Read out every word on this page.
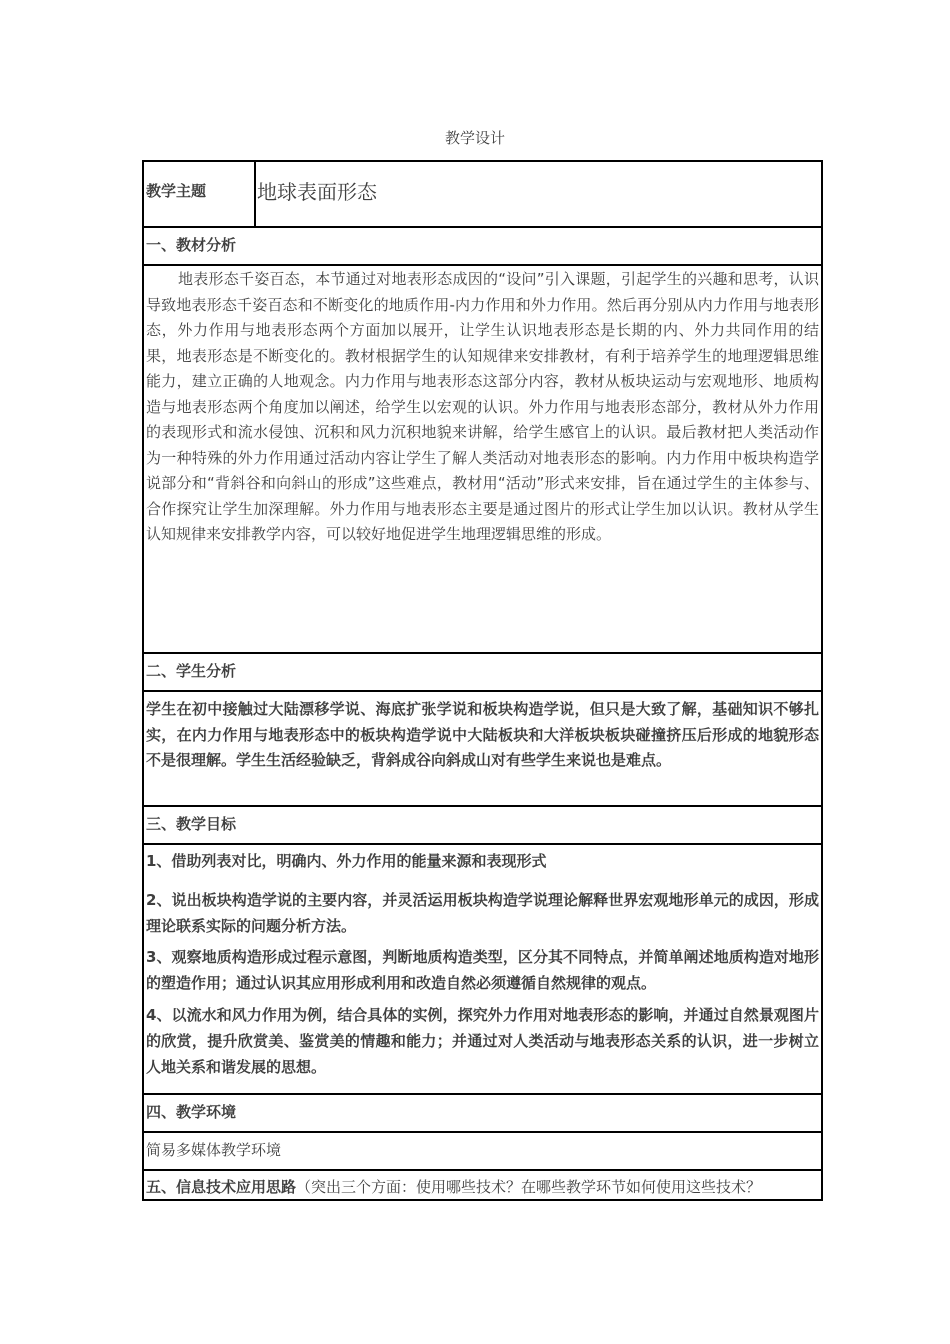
教学设计
教学主题	地球表面形态
一、教材分析
地表形态千姿百态，本节通过对地表形态成因的“设问”引入课题，引起学生的兴趣和思考，认识导致地表形态千姿百态和不断变化的地质作用-内力作用和外力作用。然后再分别从内力作用与地表形态，外力作用与地表形态两个方面加以展开，让学生认识地表形态是长期的内、外力共同作用的结果，地表形态是不断变化的。教材根据学生的认知规律来安排教材，有利于培养学生的地理逻辑思维能力，建立正确的人地观念。内力作用与地表形态这部分内容，教材从板块运动与宏观地形、地质构造与地表形态两个角度加以阐述，给学生以宏观的认识。外力作用与地表形态部分，教材从外力作用的表现形式和流水侵蚀、沉积和风力沉积地貌来讲解，给学生感官上的认识。最后教材把人类活动作为一种特殊的外力作用通过活动内容让学生了解人类活动对地表形态的影响。内力作用中板块构造学说部分和“背斜谷和向斜山的形成”这些难点，教材用“活动”形式来安排，旨在通过学生的主体参与、合作探究让学生加深理解。外力作用与地表形态主要是通过图片的形式让学生加以认识。教材从学生认知规律来安排教学内容，可以较好地促进学生地理逻辑思维的形成。
二、学生分析
学生在初中接触过大陆漂移学说、海底扩张学说和板块构造学说，但只是大致了解，基础知识不够扎实，在内力作用与地表形态中的板块构造学说中大陆板块和大洋板块板块碰撞挤压后形成的地貌形态不是很理解。学生生活经验缺乏，背斜成谷向斜成山对有些学生来说也是难点。
三、教学目标
1、借助列表对比，明确内、外力作用的能量来源和表现形式
2、说出板块构造学说的主要内容，并灵活运用板块构造学说理论解释世界宏观地形单元的成因，形成理论联系实际的问题分析方法。
3、观察地质构造形成过程示意图，判断地质构造类型，区分其不同特点，并简单阐述地质构造对地形的塑造作用；通过认识其应用形成利用和改造自然必须遵循自然规律的观点。
4、以流水和风力作用为例，结合具体的实例，探究外力作用对地表形态的影响，并通过自然景观图片的欣赏，提升欣赏美、鉴赏美的情趣和能力；并通过对人类活动与地表形态关系的认识，进一步树立人地关系和谐发展的思想。
四、教学环境
简易多媒体教学环境
五、信息技术应用思路（突出三个方面：使用哪些技术？在哪些教学环节如何使用这些技术？
